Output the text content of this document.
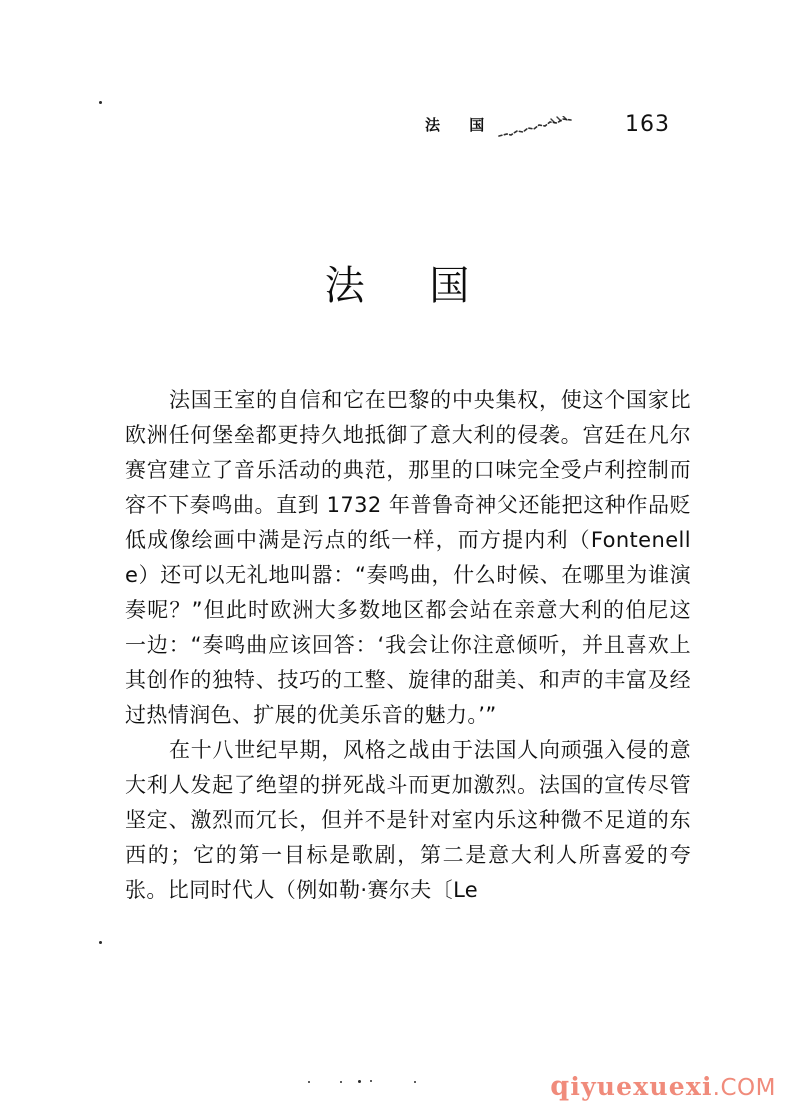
法 国	163
法 国

法国王室的自信和它在巴黎的中央集权，使这个国家比欧洲任何堡垒都更持久地抵御了意大利的侵袭。宫廷在凡尔赛宫建立了音乐活动的典范，那里的口味完全受卢利控制而容不下奏鸣曲。直到 1732 年普鲁奇神父还能把这种作品贬低成像绘画中满是污点的纸一样，而方提内利（Fontenelle）还可以无礼地叫嚣：“奏鸣曲，什么时候、在哪里为谁演奏呢？”但此时欧洲大多数地区都会站在亲意大利的伯尼这一边：“奏鸣曲应该回答：‘我会让你注意倾听，并且喜欢上其创作的独特、技巧的工整、旋律的甜美、和声的丰富及经过热情润色、扩展的优美乐音的魅力。’”

在十八世纪早期，风格之战由于法国人向顽强入侵的意大利人发起了绝望的拼死战斗而更加激烈。法国的宣传尽管坚定、激烈而冗长，但并不是针对室内乐这种微不足道的东西的；它的第一目标是歌剧，第二是意大利人所喜爱的夸张。比同时代人（例如勒·赛尔夫〔Le

qiyuexuexi.COM
